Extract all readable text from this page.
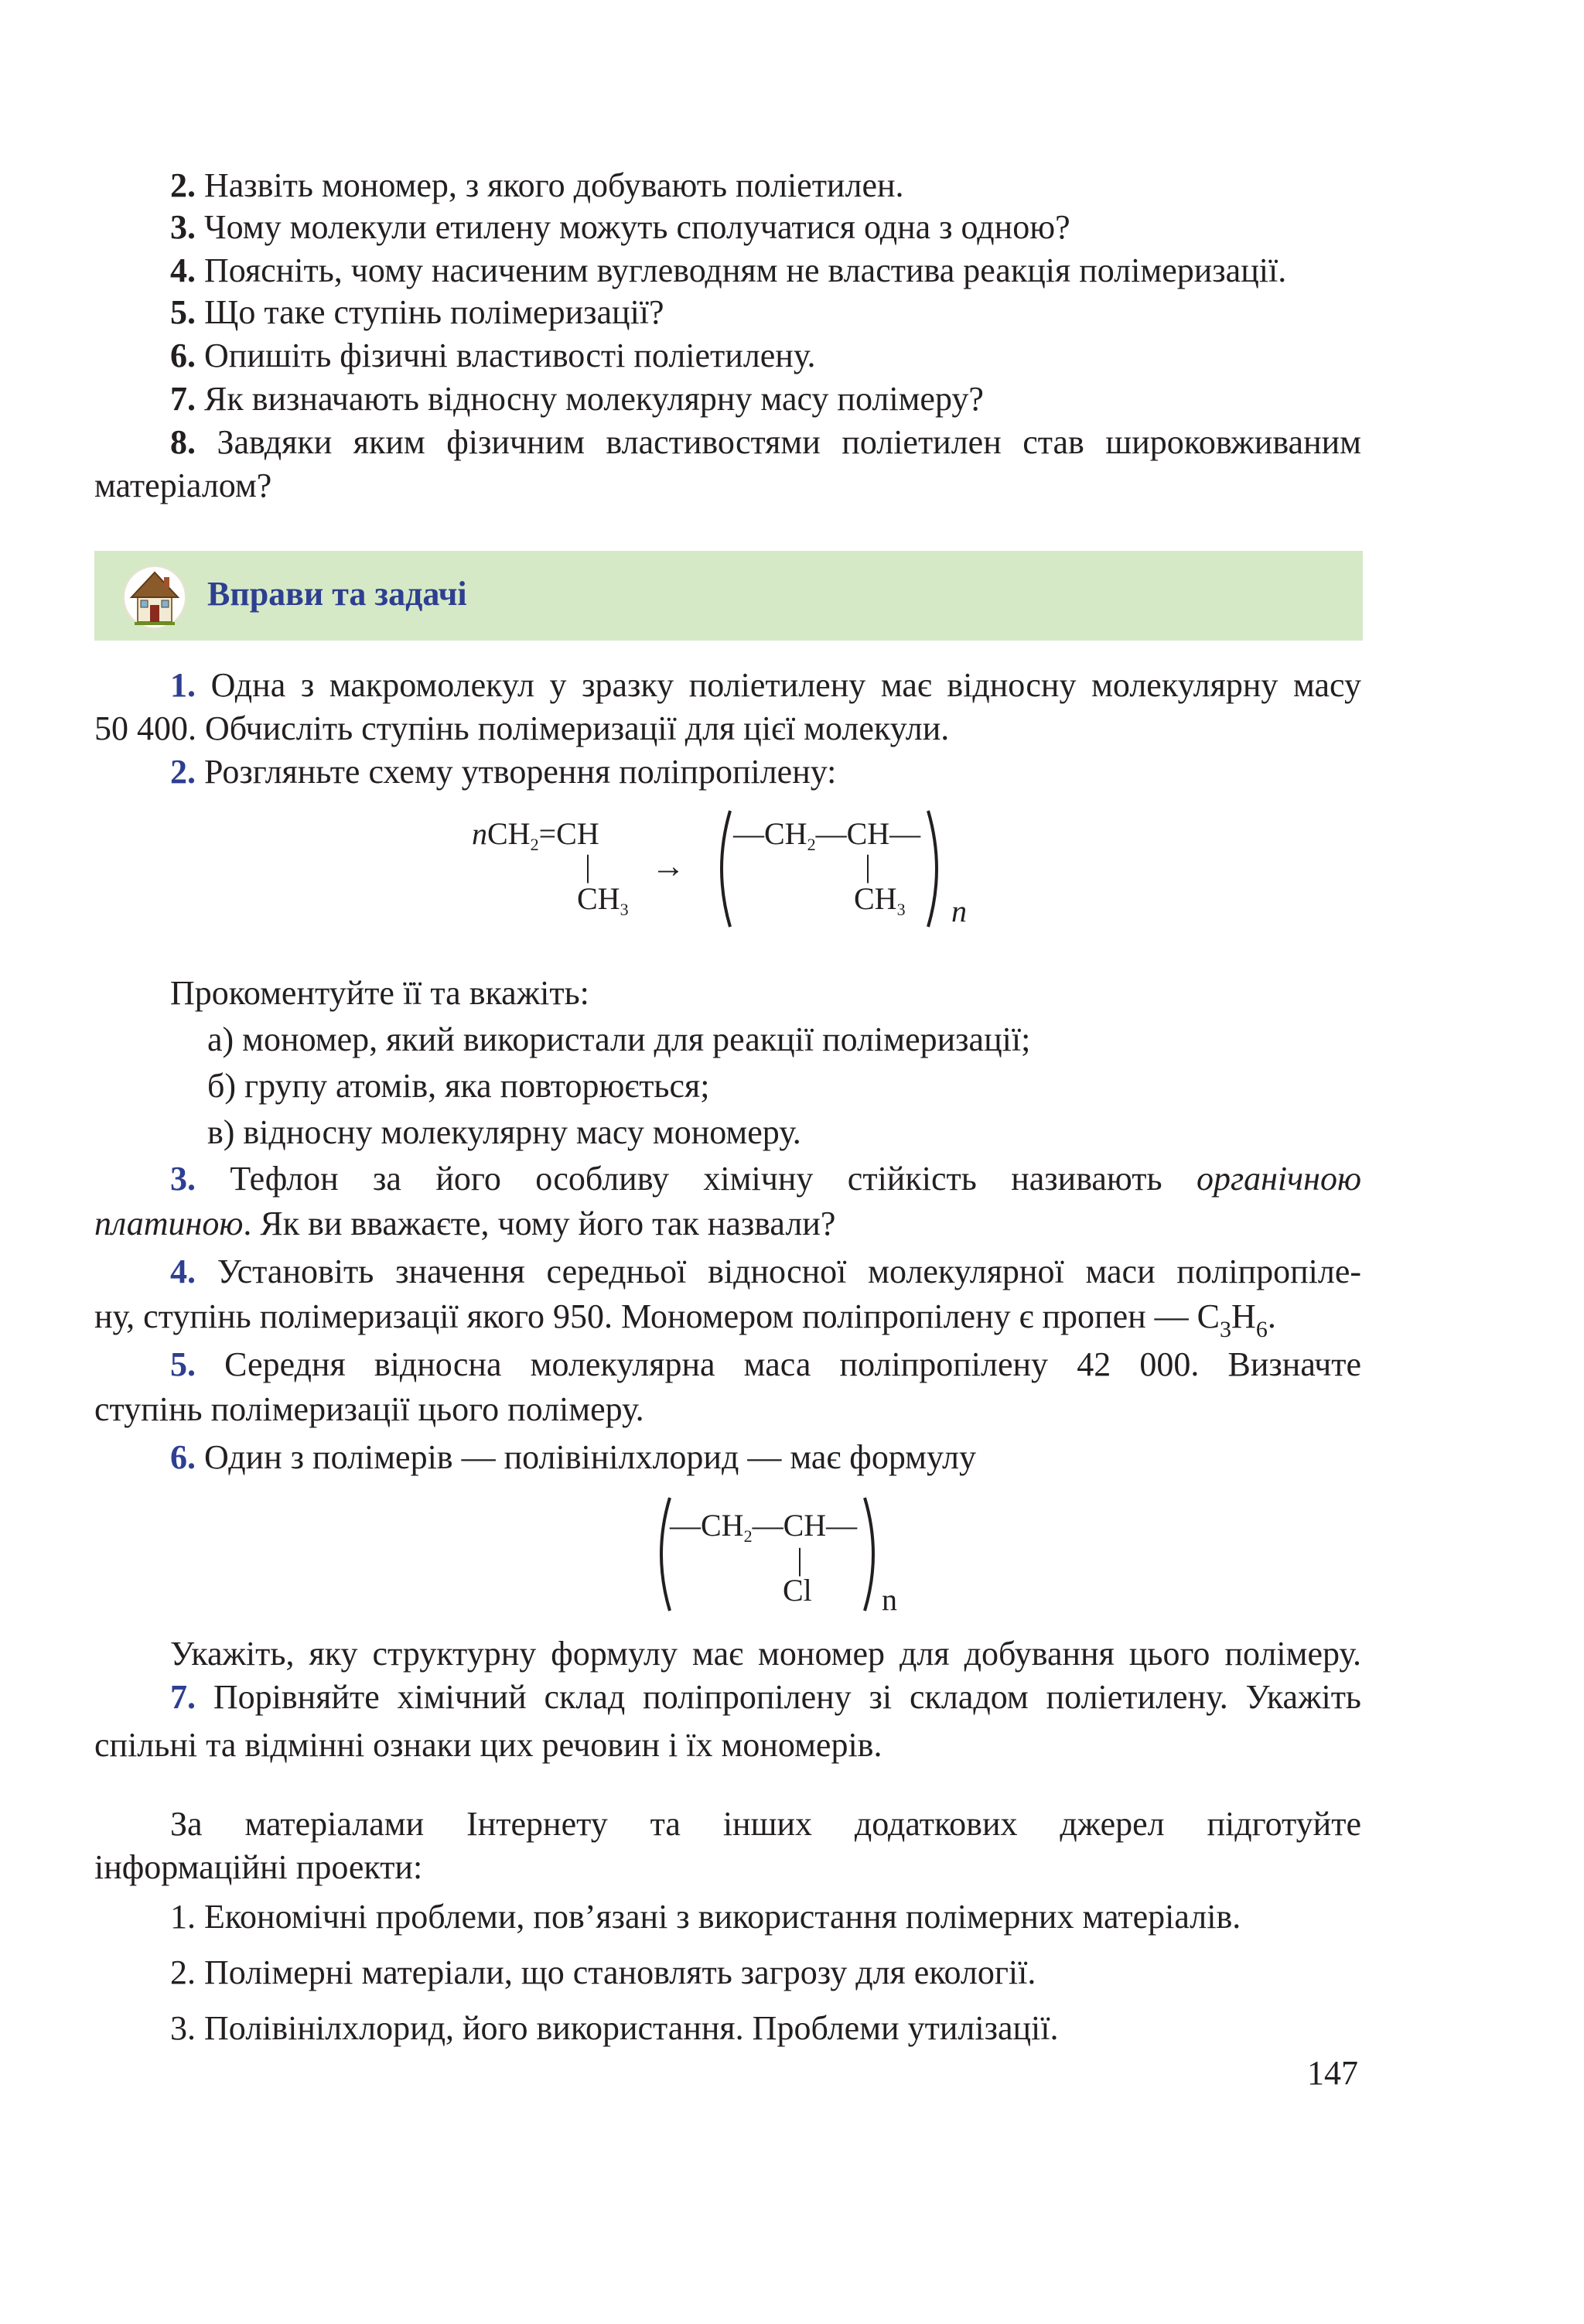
2. Назвіть мономер, з якого добувають поліетилен.
3. Чому молекули етилену можуть сполучатися одна з одною?
4. Поясніть, чому насиченим вуглеводням не властива реакція полімеризації.
5. Що таке ступінь полімеризації?
6. Опишіть фізичні властивості поліетилену.
7. Як визначають відносну молекулярну масу полімеру?
8. Завдяки яким фізичним властивостями поліетилен став широковживаним
матеріалом?
Вправи та задачі
1. Одна з макромолекул у зразку поліетилену має відносну молекулярну масу
50 400. Обчисліть ступінь полімеризації для цієї молекули.
2. Розгляньте схему утворення поліпропілену:
nCH$_2$=CH
|
$CH_3$
→
$—CH_2—CH—$
|
$CH_3$ n
Прокоментуйте її та вкажіть:
а) мономер, який використали для реакції полімеризації;
б) групу атомів, яка повторюється;
в) відносну молекулярну масу мономеру.
3. Тефлон за його особливу хімічну стійкість називають органічною
платиною. Як ви вважаєте, чому його так назвали?
4. Установіть значення середньої відносної молекулярної маси поліпропіле-
ну, ступінь полімеризації якого 950. Мономером поліпропілену є пропен — $C_3H_6$.
5. Середня відносна молекулярна маса поліпропілену 42 000. Визначте
ступінь полімеризації цього полімеру.
6. Один з полімерів — полівінілхлорид — має формулу
$—CH_2—CH—$
|
Cl n
Укажіть, яку структурну формулу має мономер для добування цього полімеру.
7. Порівняйте хімічний склад поліпропілену зі складом поліетилену. Укажіть
спільні та відмінні ознаки цих речовин і їх мономерів.
За матеріалами Інтернету та інших додаткових джерел підготуйте
інформаційні проекти:
1. Економічні проблеми, пов’язані з використання полімерних матеріалів.
2. Полімерні матеріали, що становлять загрозу для екології.
3. Полівінілхлорид, його використання. Проблеми утилізації.
147
